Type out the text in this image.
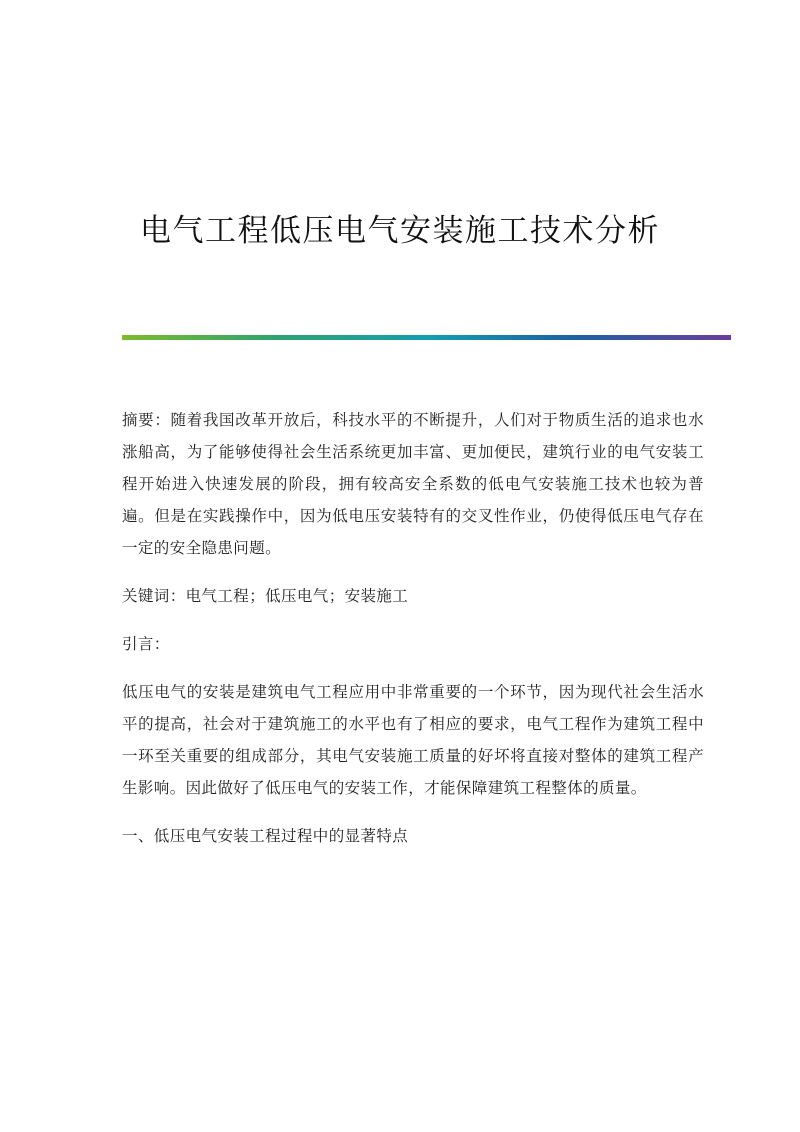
电气工程低压电气安装施工技术分析

摘要：随着我国改革开放后，科技水平的不断提升，人们对于物质生活的追求也水涨船高，为了能够使得社会生活系统更加丰富、更加便民，建筑行业的电气安装工程开始进入快速发展的阶段，拥有较高安全系数的低电气安装施工技术也较为普遍。但是在实践操作中，因为低电压安装特有的交叉性作业，仍使得低压电气存在一定的安全隐患问题。

关键词：电气工程；低压电气；安装施工

引言：

低压电气的安装是建筑电气工程应用中非常重要的一个环节，因为现代社会生活水平的提高，社会对于建筑施工的水平也有了相应的要求，电气工程作为建筑工程中一环至关重要的组成部分，其电气安装施工质量的好坏将直接对整体的建筑工程产生影响。因此做好了低压电气的安装工作，才能保障建筑工程整体的质量。

一、低压电气安装工程过程中的显著特点
